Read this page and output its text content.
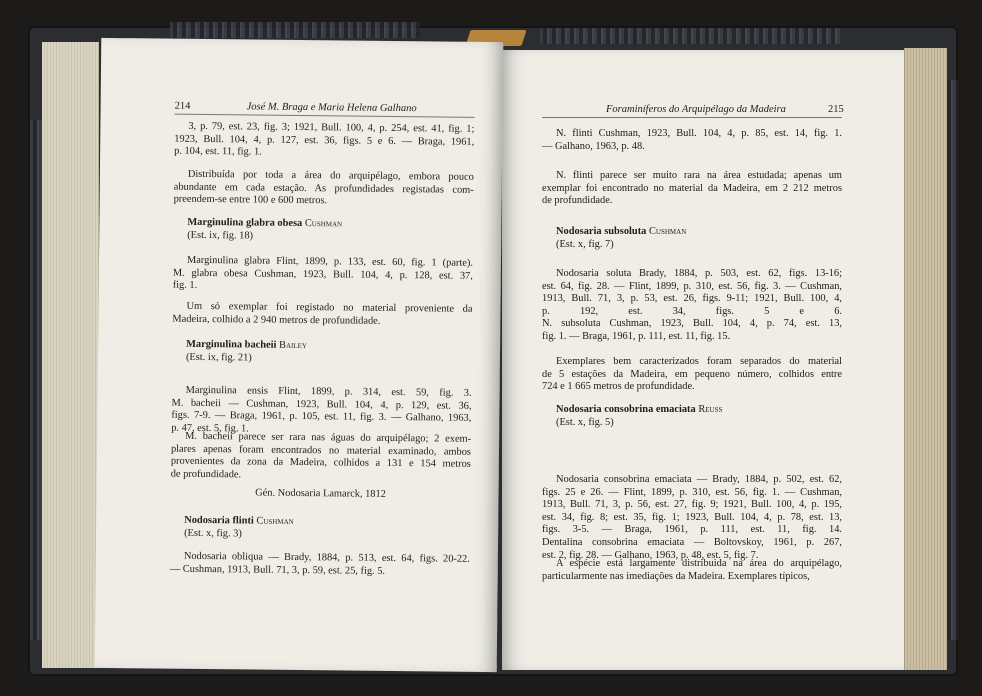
214	José M. Braga e Maria Helena Galhano

3, p. 79, est. 23, fig. 3; 1921, Bull. 100, 4, p. 254, est. 41, fig. 1;
1923, Bull. 104, 4, p. 127, est. 36, figs. 5 e 6. — Braga, 1961,
p. 104, est. 11, fig. 1.
Distribuída por toda a área do arquipélago, embora pouco
abundante em cada estação. As profundidades registadas com-
preendem-se entre 100 e 600 metros.
Marginulina glabra obesa Cushman
(Est. ix, fig. 18)
Marginulina glabra Flint, 1899, p. 133, est. 60, fig. 1 (parte).
M. glabra obesa Cushman, 1923, Bull. 104, 4, p. 128, est. 37,
fig. 1.
Um só exemplar foi registado no material proveniente da
Madeira, colhido a 2 940 metros de profundidade.
Marginulina bacheii Bailey
(Est. ix, fig. 21)
Marginulina ensis Flint, 1899, p. 314, est. 59, fig. 3.
M. bacheii — Cushman, 1923, Bull. 104, 4, p. 129, est. 36,
figs. 7-9. — Braga, 1961, p. 105, est. 11, fig. 3. — Galhano, 1963,
p. 47, est. 5, fig. 1.
M. bacheii parece ser rara nas águas do arquipélago; 2 exem-
plares apenas foram encontrados no material examinado, ambos
provenientes da zona da Madeira, colhidos a 131 e 154 metros
de profundidade.
Gén. Nodosaria Lamarck, 1812
Nodosaria flinti Cushman
(Est. x, fig. 3)
Nodosaria obliqua — Brady, 1884, p. 513, est. 64, figs. 20-22.
— Cushman, 1913, Bull. 71, 3, p. 59, est. 25, fig. 5.
Foraminíferos do Arquipélago da Madeira	215

N. flinti Cushman, 1923, Bull. 104, 4, p. 85, est. 14, fig. 1.
— Galhano, 1963, p. 48.
N. flinti parece ser muito rara na área estudada; apenas um
exemplar foi encontrado no material da Madeira, em 2 212 metros
de profundidade.
Nodosaria subsoluta Cushman
(Est. x, fig. 7)
Nodosaria soluta Brady, 1884, p. 503, est. 62, figs. 13-16;
est. 64, fig. 28. — Flint, 1899, p. 310, est. 56, fig. 3. — Cushman,
1913, Bull. 71, 3, p. 53, est. 26, figs. 9-11; 1921, Bull. 100, 4,
p. 192, est. 34, figs. 5 e 6.
N. subsoluta Cushman, 1923, Bull. 104, 4, p. 74, est. 13,
fig. 1. — Braga, 1961, p. 111, est. 11, fig. 15.
Exemplares bem caracterizados foram separados do material
de 5 estações da Madeira, em pequeno número, colhidos entre
724 e 1 665 metros de profundidade.
Nodosaria consobrina emaciata Reuss
(Est. x, fig. 5)
Nodosaria consobrina emaciata — Brady, 1884, p. 502, est. 62,
figs. 25 e 26. — Flint, 1899, p. 310, est. 56, fig. 1. — Cushman,
1913, Bull. 71, 3, p. 56, est. 27, fig. 9; 1921, Bull. 100, 4, p. 195,
est. 34, fig. 8; est. 35, fig. 1; 1923, Bull. 104, 4, p. 78, est. 13,
figs. 3-5. — Braga, 1961, p. 111, est. 11, fig. 14.
Dentalina consobrina emaciata — Boltovskoy, 1961, p. 267,
est. 2, fig. 28. — Galhano, 1963, p. 48, est. 5, fig. 7.
A espécie está largamente distribuida na área do arquipélago,
particularmente nas imediações da Madeira. Exemplares típicos,
